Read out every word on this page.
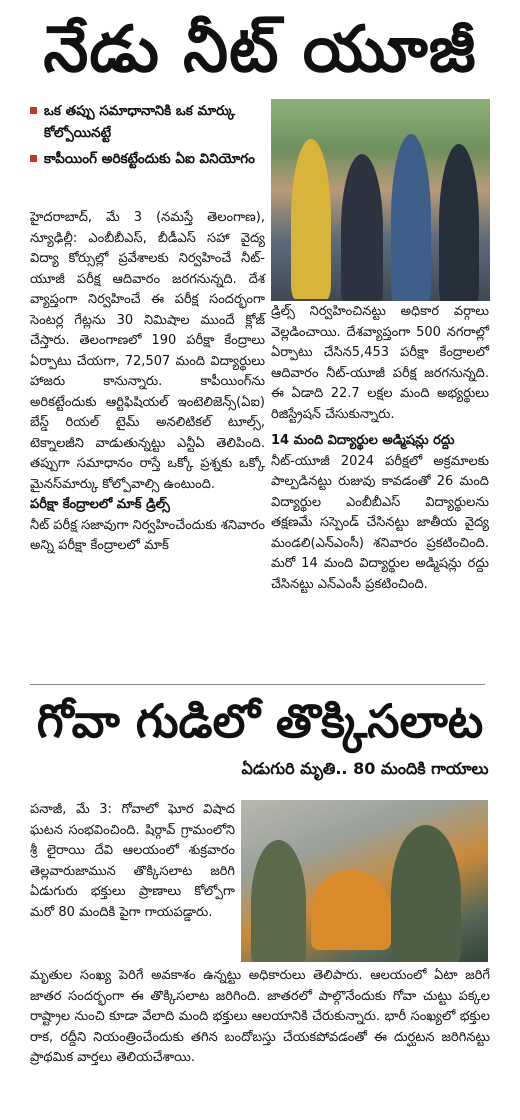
నేడు నీట్ యూజీ
ఒక తప్పు సమాధానానికి ఒక మార్కు కోల్పోయినట్టే
కాపీయింగ్ అరికట్టేందుకు ఏఐ వినియోగం
హైదరాబాద్, మే 3 (నమస్తే తెలంగాణ), న్యూఢిల్లీ: ఎంబీబీఎస్, బీడీఎస్ సహా వైద్య విద్యా కోర్సుల్లో ప్రవేశాలకు నిర్వహించే నీట్-యూజీ పరీక్ష ఆదివారం జరగనున్నది. దేశ వ్యాప్తంగా నిర్వహించే ఈ పరీక్ష సందర్భంగా సెంటర్ల గేట్లను 30 నిమిషాల ముందే క్లోజ్ చేస్తారు. తెలంగాణలో 190 పరీక్షా కేంద్రాలు ఏర్పాటు చేయగా, 72,507 మంది విద్యార్థులు హాజరు కానున్నారు. కాపీయింగ్‌ను అరికట్టేందుకు ఆర్టిఫిషియల్ ఇంటెలిజెన్స్(ఏఐ) బేస్డ్ రియల్ టైమ్ అనలిటికల్ టూల్స్, టెక్నాలజీని వాడుతున్నట్టు ఎన్టీఏ తెలిపింది. తప్పుగా సమాధానం రాస్తే ఒక్కో ప్రశ్నకు ఒక్కో మైనస్‌మార్కు కోల్పోవాల్సి ఉంటుంది.
పరీక్షా కేంద్రాలలో మాక్ డ్రిల్స్
నీట్ పరీక్ష సజావుగా నిర్వహించేందుకు శనివారం అన్ని పరీక్షా కేంద్రాలలో మాక్
డ్రిల్స్ నిర్వహించినట్టు అధికార వర్గాలు వెల్లడించాయి. దేశవ్యాప్తంగా 500 నగరాల్లో ఏర్పాటు చేసిన5,453 పరీక్షా కేంద్రాలలో ఆదివారం నీట్-యూజీ పరీక్ష జరగనున్నది. ఈ ఏడాది 22.7 లక్షల మంది అభ్యర్థులు రిజిస్ట్రేషన్ చేసుకున్నారు.
14 మంది విద్యార్థుల అడ్మిషన్లు రద్దు
నీట్-యూజీ 2024 పరీక్షలో అక్రమాలకు పాల్పడినట్టు రుజువు కావడంతో 26 మంది విద్యార్థుల ఎంబీబీఎస్ విద్యార్థులను తక్షణమే సస్పెండ్ చేసినట్టు జాతీయ వైద్య మండలి(ఎన్ఎంసీ) శనివారం ప్రకటించింది. మరో 14 మంది విద్యార్థుల అడ్మిషన్లు రద్దు చేసినట్టు ఎన్ఎంసీ ప్రకటించింది.
గోవా గుడిలో తొక్కిసలాట
ఏడుగురి మృతి.. 80 మందికి గాయాలు
పనాజీ, మే 3: గోవాలో ఘోర విషాద ఘటన సంభవించింది. షిర్గావ్ గ్రామంలోని శ్రీ లైరాయి దేవి ఆలయంలో శుక్రవారం తెల్లవారుజామున తొక్కిసలాట జరిగి ఏడుగురు భక్తులు ప్రాణాలు కోల్పోగా మరో 80 మందికి పైగా గాయపడ్డారు.
మృతుల సంఖ్య పెరిగే అవకాశం ఉన్నట్టు అధికారులు తెలిపారు. ఆలయంలో ఏటా జరిగే జాతర సందర్భంగా ఈ తొక్కిసలాట జరిగింది. జాతరలో పాల్గొనేందుకు గోవా చుట్టు పక్కల రాష్ట్రాల నుంచి కూడా వేలాది మంది భక్తులు ఆలయానికి చేరుకున్నారు. భారీ సంఖ్యలో భక్తుల రాక, రద్దీని నియంత్రించేందుకు తగిన బందోబస్తు చేయకపోవడంతో ఈ దుర్ఘటన జరిగినట్టు ప్రాథమిక వార్తలు తెలియచేశాయి.
